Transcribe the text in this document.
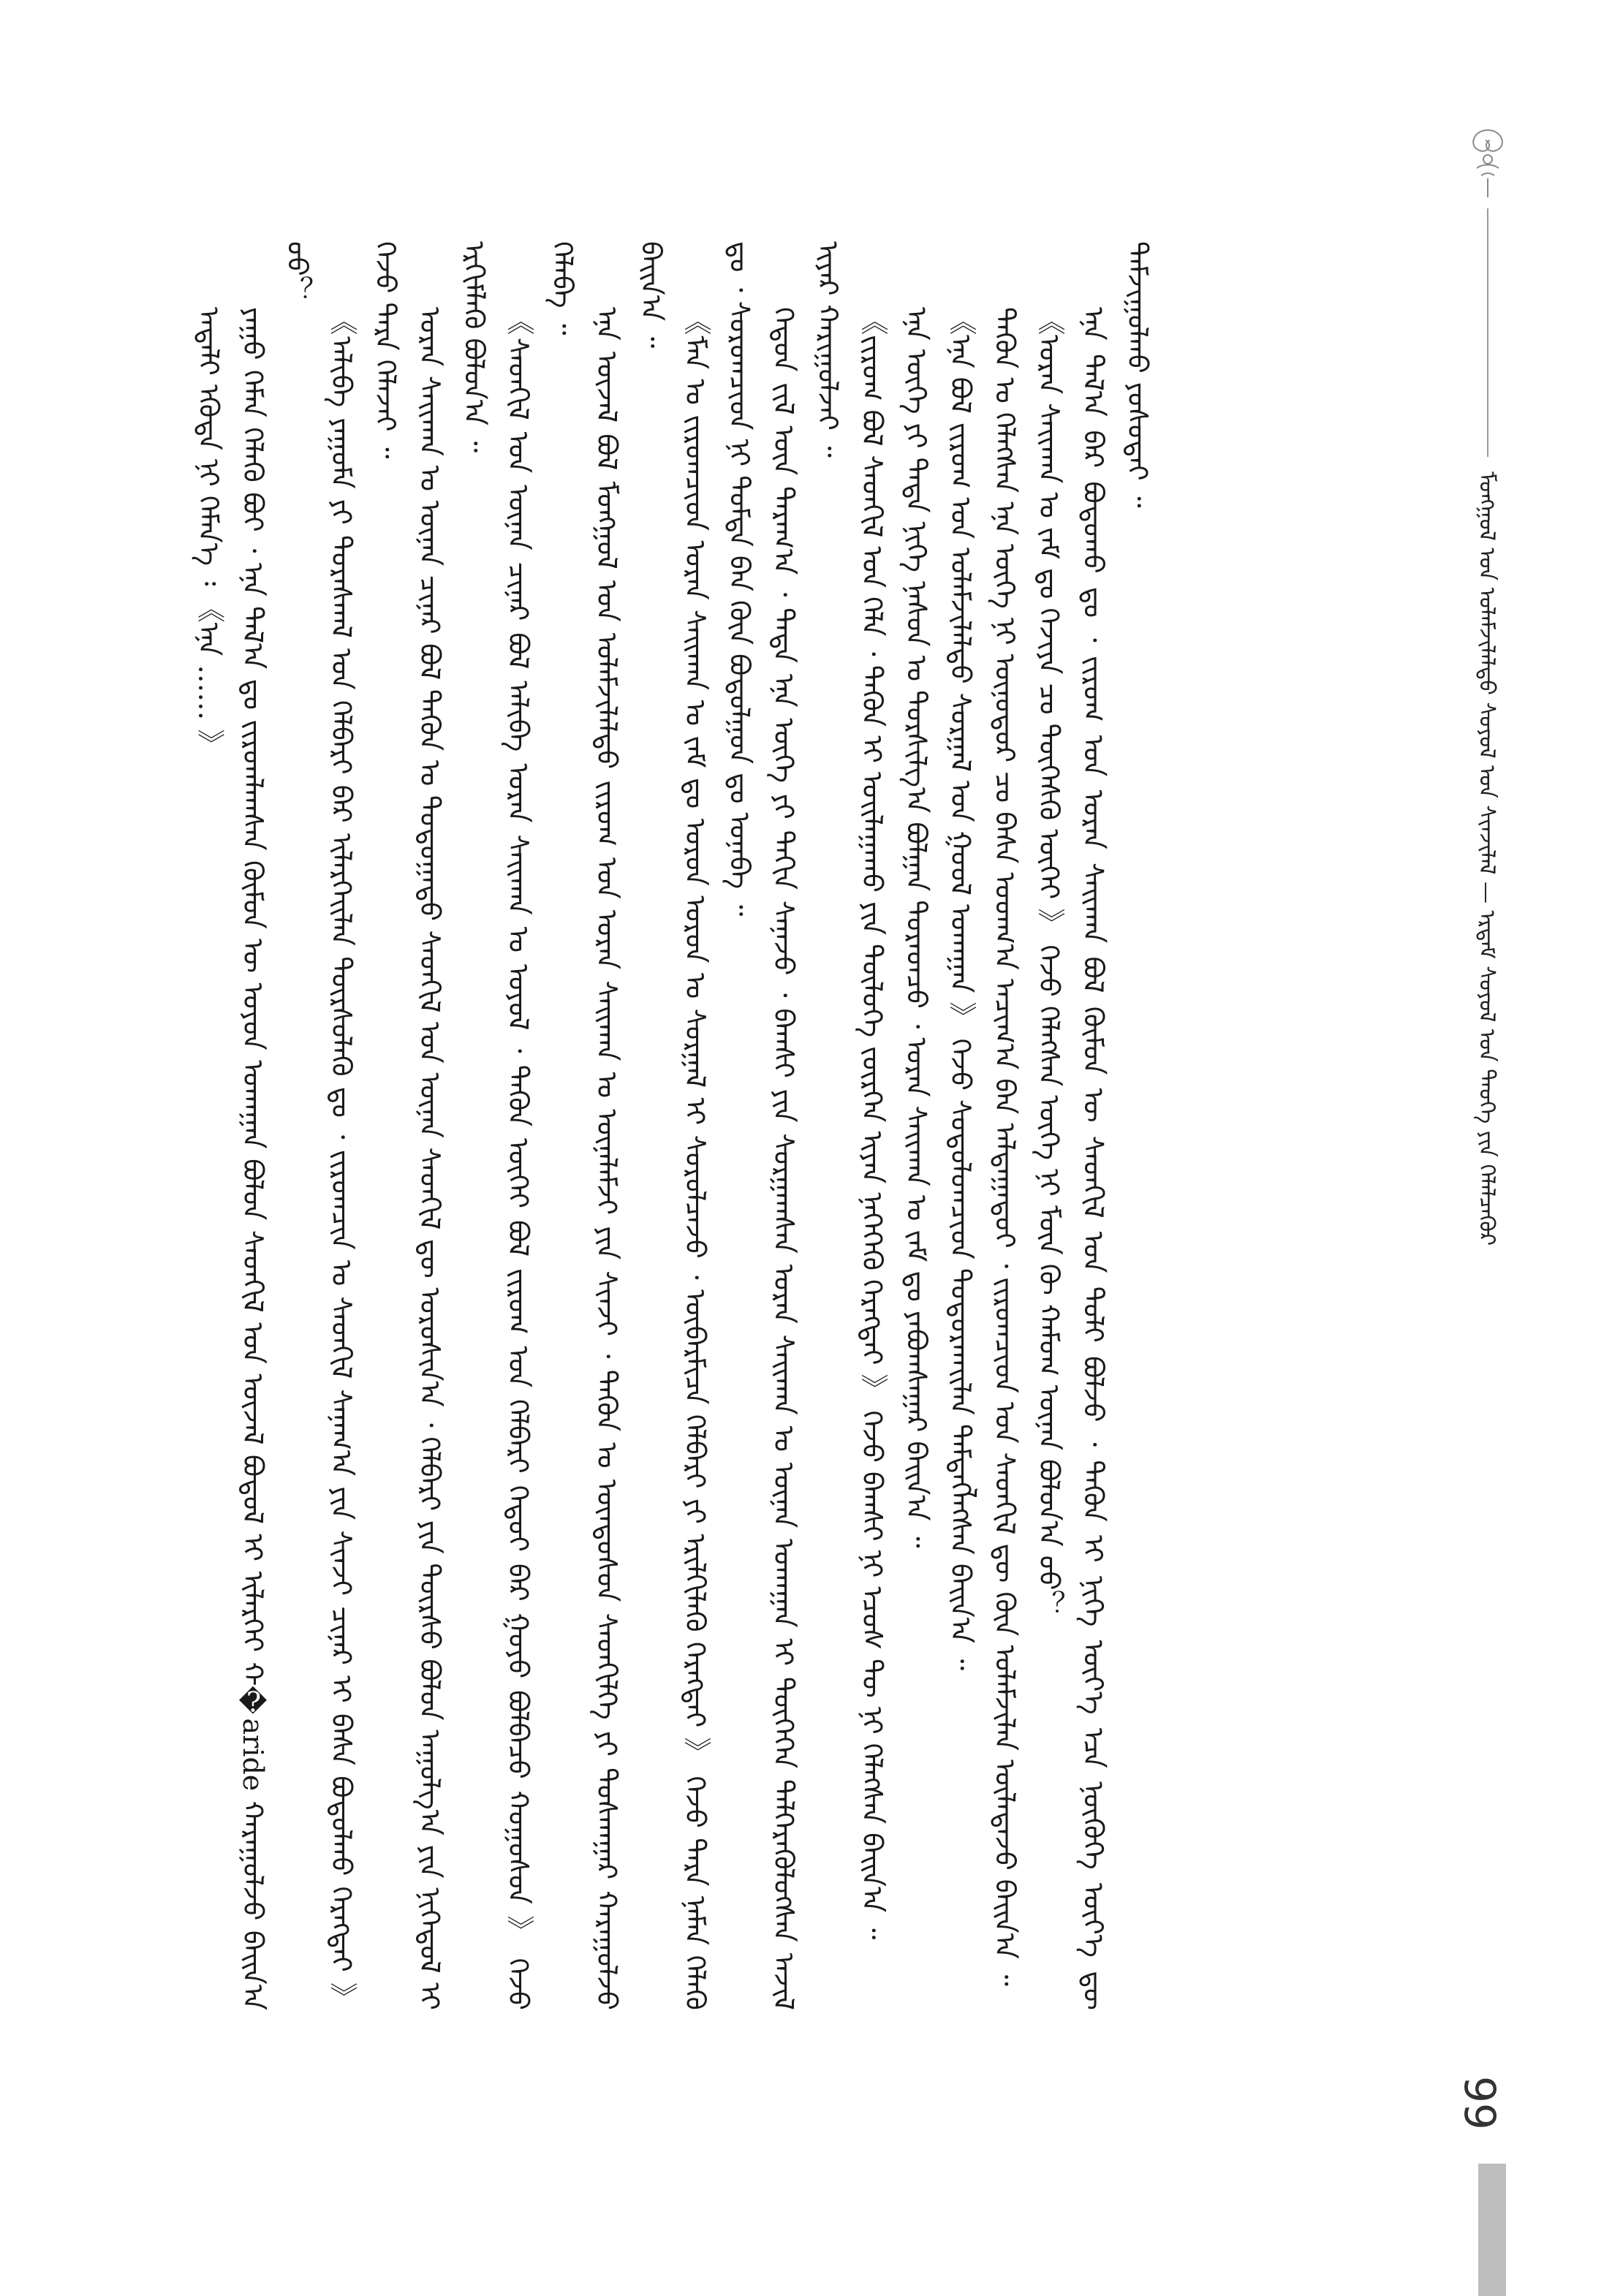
ᠮᠣᠩᠭᠣᠯ ᠤᠨ ᠤᠯᠠᠮᠵᠢᠯᠠᠯᠲᠤ ᠰᠣᠶᠣᠯ ᠤᠨ ᠰᠢᠨᠵᠢᠯᠡᠯ — ᠡᠷᠳᠡᠮ ᠰᠣᠶᠣᠯ ᠤᠨ ᠲᠡᠦᠬᠡ ᠶᠢᠨ ᠬᠡᠯᠡᠯᠴᠡᠭᠦᠷ

ᠠᠳᠠᠯᠢ ᠡᠭᠦᠳᠡ ᠨᠢ ᠬᠡᠮᠡᠨ᠎ᠡ ᠄ 《ᠡᠨᠡ …… 》 ᠶᠠᠭᠤ ᠬᠡᠮᠡᠨ ᠬᠡᠯᠡᠬᠦ ᠪᠤᠢ ᠂ ᠡᠨᠡ ᠲᠠᠯ᠎ᠠ ᠳᠤ ᠵᠢᠷᠤᠭᠯᠠᠭᠰᠠᠨ ᠬᠦᠮᠦᠨ ᠦ ᠤᠶᠤᠨ ᠤᠬᠠᠭᠠᠨ ᠪᠣᠯᠤᠨ ᠰᠡᠳᠬᠢᠯ ᠤᠨ ᠦᠵᠡᠯ ᠪᠣᠳᠤᠯ ᠢ ᠢᠯᠡᠷᠬᠡᠢ ᠬ�aride ᠬᠠᠷᠠᠭᠤᠯᠵᠤ ᠪᠠᠢᠨ᠎ᠠ ᠤᠤ？

《ᠠᠯᠢᠪᠠ ᠶᠠᠭᠤᠮᠠ ᠶᠢ ᠳᠤᠷᠠᠰᠬᠠᠯ ᠤᠨ ᠬᠡᠯᠪᠡᠷᠢ ᠪᠡᠷ ᠢᠯᠡᠷᠬᠡᠢᠯᠡᠨ ᠳᠦᠷᠰᠦᠯᠡᠬᠦ ᠳᠤ ᠂ ᠵᠢᠷᠤᠭᠴᠢᠨ ᠤ ᠰᠡᠳᠬᠢᠯ ᠰᠠᠨᠠᠭ᠎ᠠ ᠶᠢᠨ ᠰᠢᠨᠵᠢ ᠴᠢᠨᠠᠷ ᠢ ᠪᠠᠰᠠ ᠪᠣᠳᠤᠯᠬᠤ ᠬᠡᠷᠡᠭᠲᠡᠢ 》 ᠭᠡᠵᠦ ᠲᠡᠷᠡ ᠬᠡᠯᠡᠵᠡᠢ ᠃ ᠤᠷᠠᠨ ᠰᠠᠢᠬᠠᠨ ᠤ ᠦᠨᠡᠨ ᠴᠢᠨᠠᠷ ᠪᠣᠯ ᠲᠡᠭᠦᠨ ᠤ ᠳᠣᠲᠣᠭᠠᠳᠤ ᠰᠡᠳᠬᠢᠯ ᠤᠨ ᠦᠨᠡᠨ ᠰᠡᠳᠬᠢᠯ ᠳᠦ ᠣᠷᠣᠰᠢᠨ᠎ᠠ ᠂ ᠬᠡᠯᠪᠡᠷᠢ ᠶᠢᠨ ᠳᠦᠷᠰᠦ ᠪᠣᠯᠤᠨ ᠠᠭᠤᠯᠭ᠎ᠠ ᠶᠢᠨ ᠨᠢᠭᠡᠳᠦᠯ ᠢ ᠡᠷᠬᠢᠮᠯᠡᠬᠦ ᠪᠣᠯᠤᠨ᠎ᠠ ᠃ 《ᠰᠡᠳᠬᠢᠯ ᠤᠨ ᠦᠨᠡᠨ ᠴᠢᠨᠠᠷ ᠪᠣᠯ ᠠᠯᠢᠪᠠ ᠤᠷᠠᠨ ᠰᠠᠢᠬᠠᠨ ᠤ ᠤᠶᠤᠯ ᠂ ᠲᠡᠭᠦᠨ ᠦᠭᠡᠢ ᠪᠣᠯ ᠵᠢᠷᠤᠭ ᠤᠨ ᠬᠡᠯᠪᠡᠷᠢ ᠬᠡᠳᠦᠢ ᠪᠡᠷ ᠭᠣᠶᠣ ᠪᠣᠯᠪᠠᠴᠤ ᠬᠣᠭᠣᠰᠣᠨ 》 ᠭᠡᠵᠦ ᠬᠡᠯᠡᠪᠡ ᠃

ᠡᠨᠡ ᠦᠵᠡᠯ ᠪᠣᠯ ᠮᠣᠩᠭᠣᠯ ᠤᠨ ᠤᠯᠠᠮᠵᠢᠯᠠᠯᠲᠤ ᠵᠢᠷᠤᠭ ᠤᠨ ᠤᠷᠠᠨ ᠰᠠᠢᠬᠠᠨ ᠤ ᠦᠨᠡᠯᠡᠮᠵᠢ ᠶᠢᠨ ᠰᠢᠨᠵᠢ ᠂ ᠲᠡᠭᠦᠨ ᠤ ᠦᠨᠳᠦᠰᠦᠨ ᠰᠡᠳᠬᠢᠯᠭᠡ ᠶᠢ ᠲᠤᠰᠬᠠᠭᠠᠷ ᠬᠠᠷᠠᠭᠤᠯᠵᠤ ᠪᠠᠢᠨ᠎ᠠ ᠃

《ᠮᠠᠨ ᠤ ᠵᠢᠷᠤᠭᠴᠢᠳ ᠤᠷᠠᠨ ᠰᠠᠢᠬᠠᠨ ᠤ ᠵᠠᠮ ᠳᠤ ᠣᠷᠣᠨ ᠣᠷᠣᠨ ᠤ ᠰᠤᠷᠭᠠᠯ ᠢ ᠰᠤᠷᠤᠯᠴᠠᠵᠤ ᠂ ᠥᠪᠡᠷᠮᠢᠴᠡ ᠬᠡᠯᠪᠡᠷᠢ ᠶᠢ ᠡᠷᠢᠯᠬᠢᠯᠡᠬᠦ ᠬᠡᠷᠡᠭᠲᠡᠢ 》 ᠭᠡᠵᠦ ᠲᠡᠷᠡ ᠨᠡᠮᠡᠨ ᠬᠡᠯᠡᠬᠦ ᠳᠤ ᠂ ᠰᠤᠷᠤᠭᠴᠢᠳ ᠨᠢ ᠳᠤᠮᠳᠠ ᠪᠡᠨ ᠭᠦᠨ ᠪᠣᠳᠤᠯᠭᠣᠨ ᠳᠤ ᠤᠨᠠᠪᠠ ᠃ ᠬᠡᠳᠦᠨ ᠵᠢᠯ ᠦᠨ ᠳᠠᠷᠠᠭ᠎ᠠ ᠂ ᠲᠡᠳᠡ ᠡᠨᠡ ᠦᠭᠡ ᠶᠢ ᠳᠠᠬᠢᠨ ᠰᠠᠨᠠᠵᠤ ᠂ ᠪᠠᠭᠰᠢ ᠶᠢᠨ ᠰᠤᠷᠭᠠᠭᠰᠠᠨ ᠤᠷᠠᠨ ᠰᠠᠢᠬᠠᠨ ᠤ ᠦᠨᠡᠨ ᠤᠬᠠᠭᠠᠨ ᠢ ᠲᠦᠭᠡᠭᠡᠨ ᠳᠡᠯᠭᠡᠷᠡᠭᠦᠯᠦᠭᠰᠡᠨ ᠠᠵᠢᠯ ᠢᠶᠠᠷ ᠬᠠᠷᠢᠭᠤᠯᠵᠠᠢ ᠃ 《ᠵᠢᠷᠤᠭ ᠪᠣᠯ ᠰᠡᠳᠬᠢᠯ ᠤᠨ ᠬᠡᠯᠡ ᠂ ᠲᠡᠭᠦᠨ ᠢ ᠤᠢᠯᠠᠭᠠᠬᠤ ᠶᠢᠨ ᠲᠥᠯᠥᠭᠡ ᠵᠦᠷᠬᠡᠨ ᠢᠶᠡᠨ ᠨᠡᠭᠡᠭᠡᠬᠦ ᠬᠡᠷᠡᠭᠲᠡᠢ 》 ᠭᠡᠵᠦ ᠪᠠᠭᠰᠢ ᠨᠢ ᠡᠴᠦᠰ ᠲᠦ ᠨᠢ ᠬᠡᠯᠡᠭᠰᠡᠨ ᠪᠠᠢᠨ᠎ᠠ ᠃ ᠡᠨᠡ ᠦᠭᠡ ᠶᠢ ᠲᠡᠳᠡ ᠨᠢᠭᠡ ᠨᠠᠰᠤᠨ ᠤ ᠲᠤᠷᠰᠢᠯᠭ᠎ᠠ ᠪᠣᠯᠭᠠᠨ ᠳᠤᠷᠠᠳᠴᠤ ᠂ ᠤᠷᠠᠨ ᠰᠠᠢᠬᠠᠨ ᠤ ᠵᠠᠮ ᠳᠤ ᠶᠠᠪᠤᠭᠰᠠᠭᠠᠷ ᠪᠠᠢᠨ᠎ᠠ ᠃ 《ᠡᠨᠡ ᠪᠣᠯ ᠵᠢᠷᠤᠭ ᠤᠨ ᠤᠯᠠᠮᠵᠢᠯᠠᠯᠲᠤ ᠰᠤᠷᠭᠠᠯ ᠤᠨ ᠭᠣᠣᠯ ᠤᠬᠠᠭᠠᠨ 》 ᠭᠡᠵᠦ ᠰᠤᠳᠤᠯᠤᠭᠴᠢᠳ ᠲᠣᠳᠣᠷᠬᠠᠢᠯᠠᠨ ᠲᠡᠮᠳᠡᠭᠯᠡᠭᠰᠡᠨ ᠪᠠᠢᠨ᠎ᠠ ᠃ ᠲᠡᠭᠦᠨ ᠤ ᠬᠡᠯᠡᠭᠰᠡᠨ ᠡᠨᠡ ᠦᠭᠡ ᠨᠢ ᠥᠨᠥᠳᠥᠷ ᠴᠤ ᠪᠠᠰᠠ ᠤᠳᠬ᠎ᠠ ᠠᠴᠢᠭ᠎ᠠ ᠪᠡᠨ ᠠᠯᠳᠠᠭᠠᠳᠤᠢ ᠂ ᠵᠢᠷᠤᠭᠴᠢᠳ ᠤᠨ ᠰᠡᠳᠬᠢᠯ ᠳᠦ ᠭᠦᠨ ᠤᠯᠠᠮᠵᠢᠯᠠᠨ ᠦᠯᠡᠳᠡᠵᠦ ᠪᠠᠢᠨ᠎ᠠ ᠃ 《ᠤᠷᠠᠨ ᠰᠠᠢᠬᠠᠨ ᠤ ᠵᠠᠮ ᠳᠤ ᠬᠡᠵᠢᠶᠡ ᠴᠤ ᠲᠥᠭᠡᠰᠬᠦ ᠦᠭᠡᠢ 》 ᠭᠡᠵᠦ ᠬᠡᠯᠡᠭᠰᠡᠨ ᠦᠭᠡ ᠨᠢ ᠮᠥᠨ ᠬᠦ ᠬᠠᠮᠤᠭ ᠦᠨᠡᠨ ᠪᠣᠯᠤᠨ᠎ᠠ ᠤᠤ？ ᠡᠨᠡ ᠲᠠᠯ᠎ᠠ ᠪᠡᠷ ᠪᠣᠳᠤᠬᠤ ᠳᠤ ᠂ ᠵᠢᠷᠤᠭ ᠤᠨ ᠤᠷᠠᠨ ᠰᠠᠢᠬᠠᠨ ᠪᠣᠯ ᠬᠦᠮᠦᠨ ᠦ ᠰᠡᠳᠬᠢᠯ ᠤᠨ ᠲᠣᠯᠢ ᠪᠣᠯᠵᠤ ᠂ ᠲᠡᠭᠦᠨ ᠢ ᠨᠢᠭᠡ ᠦᠶ᠎ᠡ ᠡᠴᠡ ᠨᠥᠭᠦᠭᠡ ᠦᠶ᠎ᠡ ᠳᠦ ᠳᠠᠮᠵᠢᠭᠤᠯᠬᠤ ᠶᠤᠰᠤᠲᠠᠢ ᠃

99
